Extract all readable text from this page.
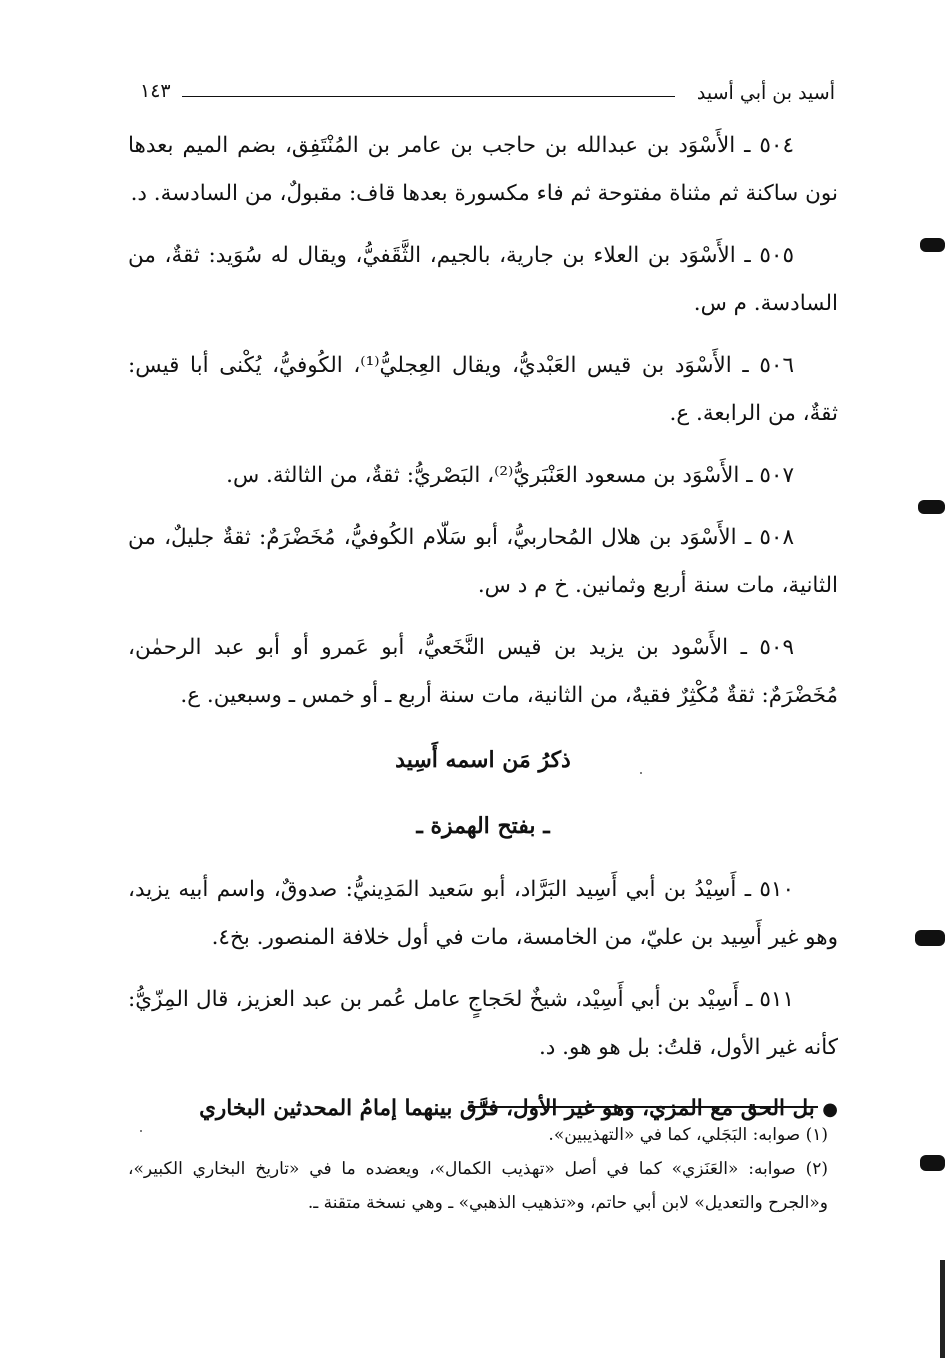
أسيد بن أبي أسيد
١٤٣

٥٠٤ ـ الأَسْوَد بن عبدالله بن حاجب بن عامر بن المُنْتَفِق، بضم الميم بعدها نون ساكنة ثم مثناة مفتوحة ثم فاء مكسورة بعدها قاف: مقبولٌ، من السادسة. د.

٥٠٥ ـ الأَسْوَد بن العلاء بن جارية، بالجيم، الثَّقَفيُّ، ويقال له سُوَيد: ثقةٌ، من السادسة. م س.

٥٠٦ ـ الأَسْوَد بن قيس العَبْديُّ، ويقال العِجليُّ⁽¹⁾، الكُوفيُّ، يُكْنى أبا قيس: ثقةٌ، من الرابعة. ع.

٥٠٧ ـ الأَسْوَد بن مسعود العَنْبَريُّ⁽²⁾، البَصْريُّ: ثقةٌ، من الثالثة. س.

٥٠٨ ـ الأَسْوَد بن هلال المُحاربيُّ، أبو سَلّام الكُوفيُّ، مُخَضْرَمٌ: ثقةٌ جليلٌ، من الثانية، مات سنة أربع وثمانين. خ م د س.

٥٠٩ ـ الأَسْود بن يزيد بن قيس النَّخَعيُّ، أبو عَمرو أو أبو عبد الرحمٰن، مُخَضْرَمٌ: ثقةٌ مُكْثِرٌ فقيهٌ، من الثانية، مات سنة أربع ـ أو خمس ـ وسبعين. ع.

ذكرُ مَن اسمه أَسِيد
ـ بفتح الهمزة ـ

٥١٠ ـ أَسِيْدُ بن أبي أَسِيد البَرَّاد، أبو سَعيد المَدِينيُّ: صدوقٌ، واسم أبيه يزيد، وهو غير أَسِيد بن عليّ، من الخامسة، مات في أول خلافة المنصور. بخ٤.

٥١١ ـ أَسِيْد بن أبي أَسِيْد، شيخٌ لحَجاجٍ عامل عُمر بن عبد العزيز، قال المِزّيُّ: كأنه غير الأول، قلتُ: بل هو هو. د.

● بل الحق مع المزي، وهو غير الأول، فرَّق بينهما إمامُ المحدثين البخاري

(١) صوابه: البَجَلي، كما في «التهذيبين».

(٢) صوابه: «العَنَزي» كما في أصل «تهذيب الكمال»، ويعضده ما في «تاريخ البخاري الكبير»، و«الجرح والتعديل» لابن أبي حاتم، و«تذهيب الذهبي» ـ وهي نسخة متقنة ـ.
